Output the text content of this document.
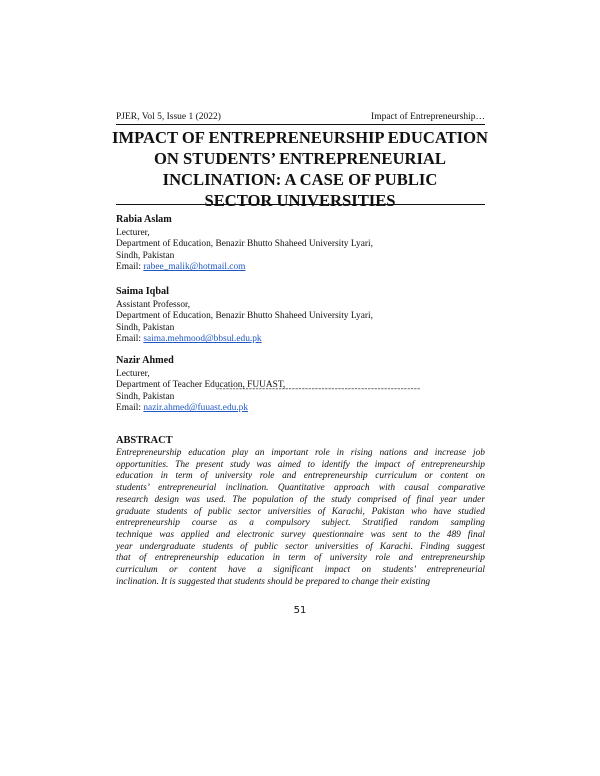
PJER, Vol 5, Issue 1 (2022)	Impact of Entrepreneurship…
IMPACT OF ENTREPRENEURSHIP EDUCATION
ON STUDENTS’ ENTREPRENEURIAL
INCLINATION: A CASE OF PUBLIC
SECTOR UNIVERSITIES
Rabia Aslam
Lecturer,
Department of Education, Benazir Bhutto Shaheed University Lyari,
Sindh, Pakistan
Email: rabee_malik@hotmail.com
Saima Iqbal
Assistant Professor,
Department of Education, Benazir Bhutto Shaheed University Lyari,
Sindh, Pakistan
Email: saima.mehmood@bbsul.edu.pk
Nazir Ahmed
Lecturer,
Department of Teacher Education, FUUAST,
Sindh, Pakistan
Email: nazir.ahmed@fuuast.edu.pk
--------------------------------------------------------------
ABSTRACT
Entrepreneurship education play an important role in rising nations and increase job
opportunities. The present study was aimed to identify the impact of entrepreneurship
education in term of university role and entrepreneurship curriculum or content on
students’ entrepreneurial inclination. Quantitative approach with causal comparative
research design was used. The population of the study comprised of final year under
graduate students of public sector universities of Karachi, Pakistan who have studied
entrepreneurship course as a compulsory subject. Stratified random sampling
technique was applied and electronic survey questionnaire was sent to the 489 final
year undergraduate students of public sector universities of Karachi. Finding suggest
that of entrepreneurship education in term of university role and entrepreneurship
curriculum or content have a significant impact on students’ entrepreneurial
inclination. It is suggested that students should be prepared to change their existing
51
